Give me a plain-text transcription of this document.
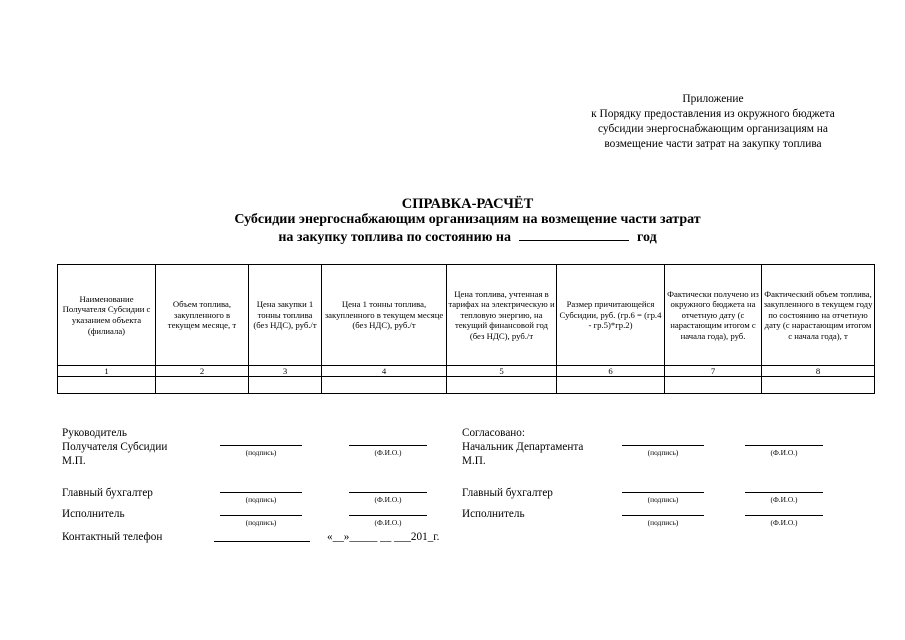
Приложение
к Порядку предоставления из окружного бюджета
субсидии энергоснабжающим организациям на
возмещение части затрат на закупку топлива
СПРАВКА-РАСЧЁТ
Субсидии энергоснабжающим организациям на возмещение части затрат
на закупку топлива по состоянию на	год
Наименование Получателя Субсидии с указанием объекта (филиала)	Объем топлива, закупленного в текущем месяце, т	Цена закупки 1 тонны топлива (без НДС), руб./т	Цена 1 тонны топлива, закупленного в текущем месяце (без НДС), руб./т	Цена топлива, учтенная в тарифах на электрическую и тепловую энергию, на текущий финансовой год (без НДС), руб./т	Размер причитающейся Субсидии, руб. (гр.6 = (гр.4 - гр.5)*гр.2)	Фактически получено из окружного бюджета на отчетную дату (с нарастающим итогом с начала года), руб.	Фактический объем топлива, закупленного в текущем году по состоянию на отчетную дату (с нарастающим итогом с начала года), т
1	2	3	4	5	6	7	8

Руководитель
Получателя Субсидии
М.П.
(подпись)	(Ф.И.О.)
Главный бухгалтер
(подпись)	(Ф.И.О.)
Исполнитель
(подпись)	(Ф.И.О.)
Контактный телефон	«__»_____ __ ___201_г.
Согласовано:
Начальник Департамента
М.П.
(подпись)	(Ф.И.О.)
Главный бухгалтер
(подпись)	(Ф.И.О.)
Исполнитель
(подпись)	(Ф.И.О.)
